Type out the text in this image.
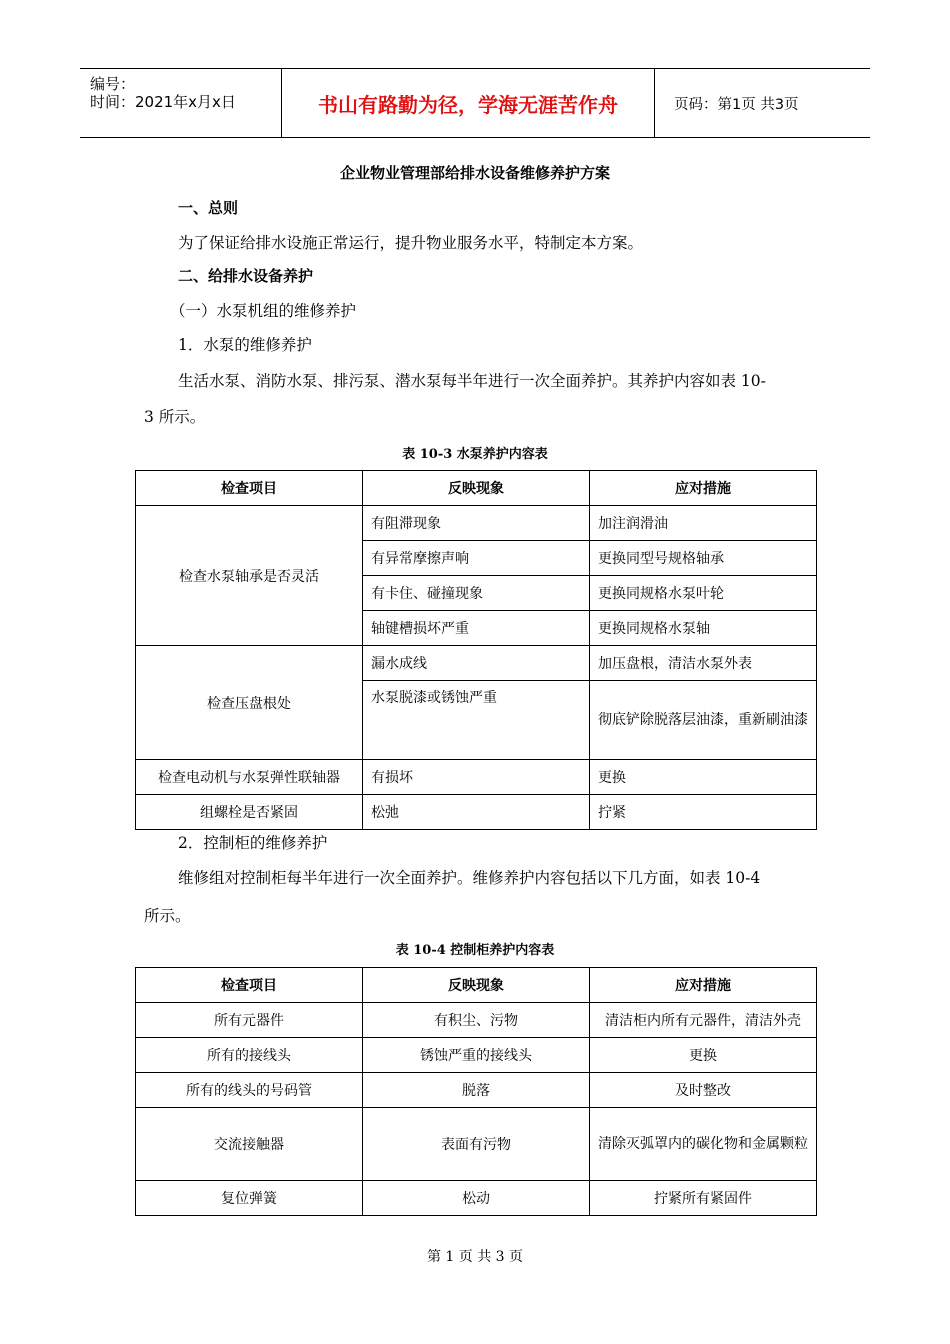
编号：
时间：2021年x月x日	书山有路勤为径，学海无涯苦作舟	页码：第1页 共3页
企业物业管理部给排水设备维修养护方案
一、总则
为了保证给排水设施正常运行，提升物业服务水平，特制定本方案。
二、给排水设备养护
（一）水泵机组的维修养护
1．水泵的维修养护
生活水泵、消防水泵、排污泵、潜水泵每半年进行一次全面养护。其养护内容如表 10-
3 所示。
表 10-3 水泵养护内容表
检查项目	反映现象	应对措施
检查水泵轴承是否灵活	有阻滞现象	加注润滑油
	有异常摩擦声响	更换同型号规格轴承
	有卡住、碰撞现象	更换同规格水泵叶轮
	轴键槽损坏严重	更换同规格水泵轴
检查压盘根处	漏水成线	加压盘根，清洁水泵外表
	水泵脱漆或锈蚀严重	彻底铲除脱落层油漆，重新刷油漆
检查电动机与水泵弹性联轴器	有损坏	更换
组螺栓是否紧固	松弛	拧紧
2．控制柜的维修养护
维修组对控制柜每半年进行一次全面养护。维修养护内容包括以下几方面，如表 10-4
所示。
表 10-4 控制柜养护内容表
检查项目	反映现象	应对措施
所有元器件	有积尘、污物	清洁柜内所有元器件，清洁外壳
所有的接线头	锈蚀严重的接线头	更换
所有的线头的号码管	脱落	及时整改
交流接触器	表面有污物	清除灭弧罩内的碳化物和金属颗粒
复位弹簧	松动	拧紧所有紧固件
第 1 页 共 3 页
